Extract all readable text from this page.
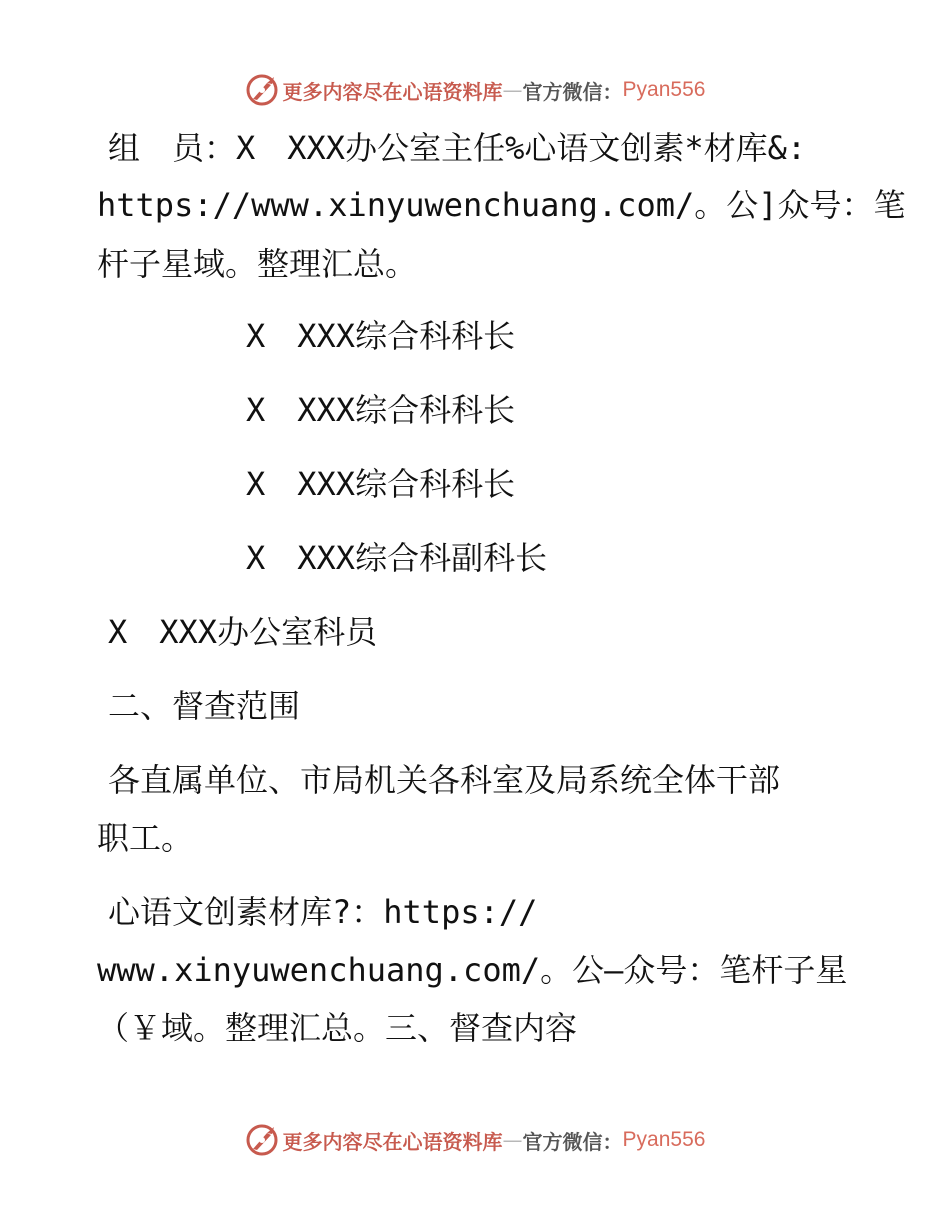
更多内容尽在心语资料库 — 官方微信： Pyan556

组　员：X　XXX办公室主任%心语文创素*材库&:

https://www.xinyuwenchuang.com/。公]众号：笔

杆子星域。整理汇总。

X　XXX综合科科长

X　XXX综合科科长

X　XXX综合科科长

X　XXX综合科副科长

X　XXX办公室科员

二、督查范围

各直属单位、市局机关各科室及局系统全体干部

职工。

心语文创素材库?：https://

www.xinyuwenchuang.com/。公—众号：笔杆子星

（￥域。整理汇总。三、督查内容

更多内容尽在心语资料库 — 官方微信： Pyan556
